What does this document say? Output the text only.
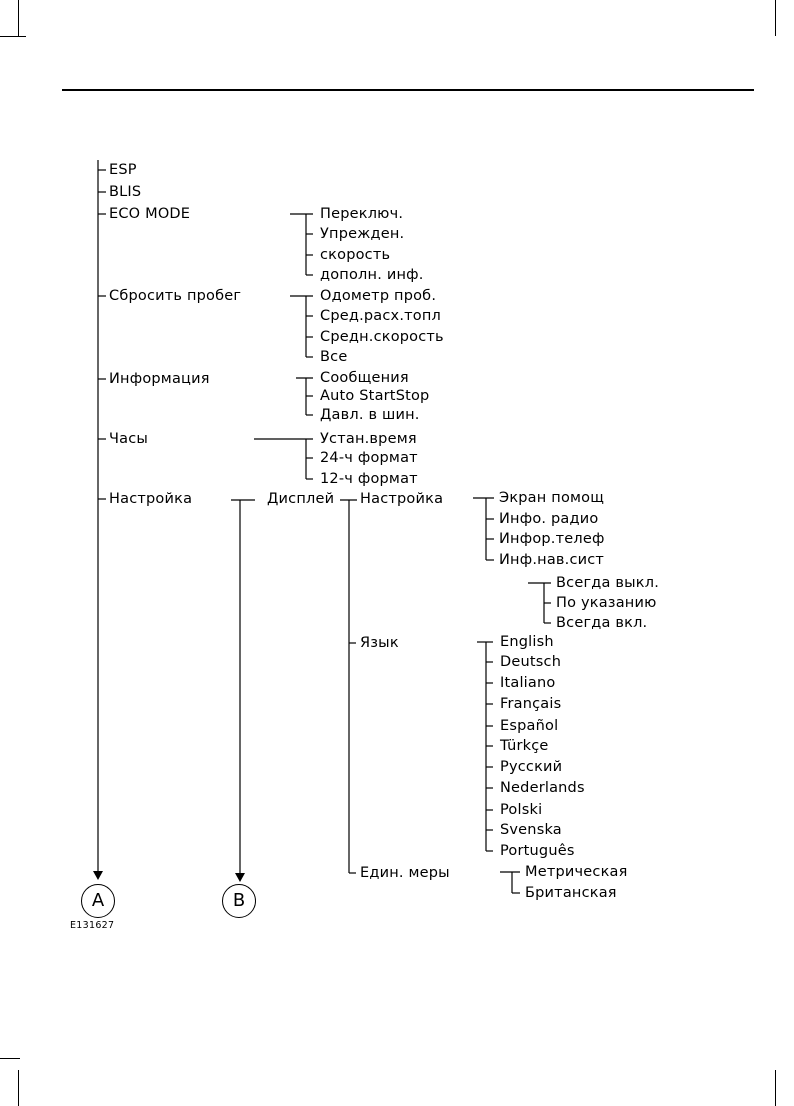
ESP
BLIS
ECO MODE
Сбросить пробег
Информация
Часы
Настройка
Переключ.
Упрежден.
скорость
дополн. инф.
Одометр проб.
Сред.расх.топл
Средн.скорость
Все
Сообщения
Auto StartStop
Давл. в шин.
Устан.время
24-ч формат
12-ч формат
Дисплей Настройка	Экран помощ
Инфо. радио
Инфор.телеф
Инф.нав.сист
Всегда выкл.
По указанию
Всегда вкл.
Язык	English
Deutsch
Italiano
Français
Español
Türkçe
Русский
Nederlands
Polski
Svenska
Português
Един. меры	Метрическая
Британская
A	B
E131627
